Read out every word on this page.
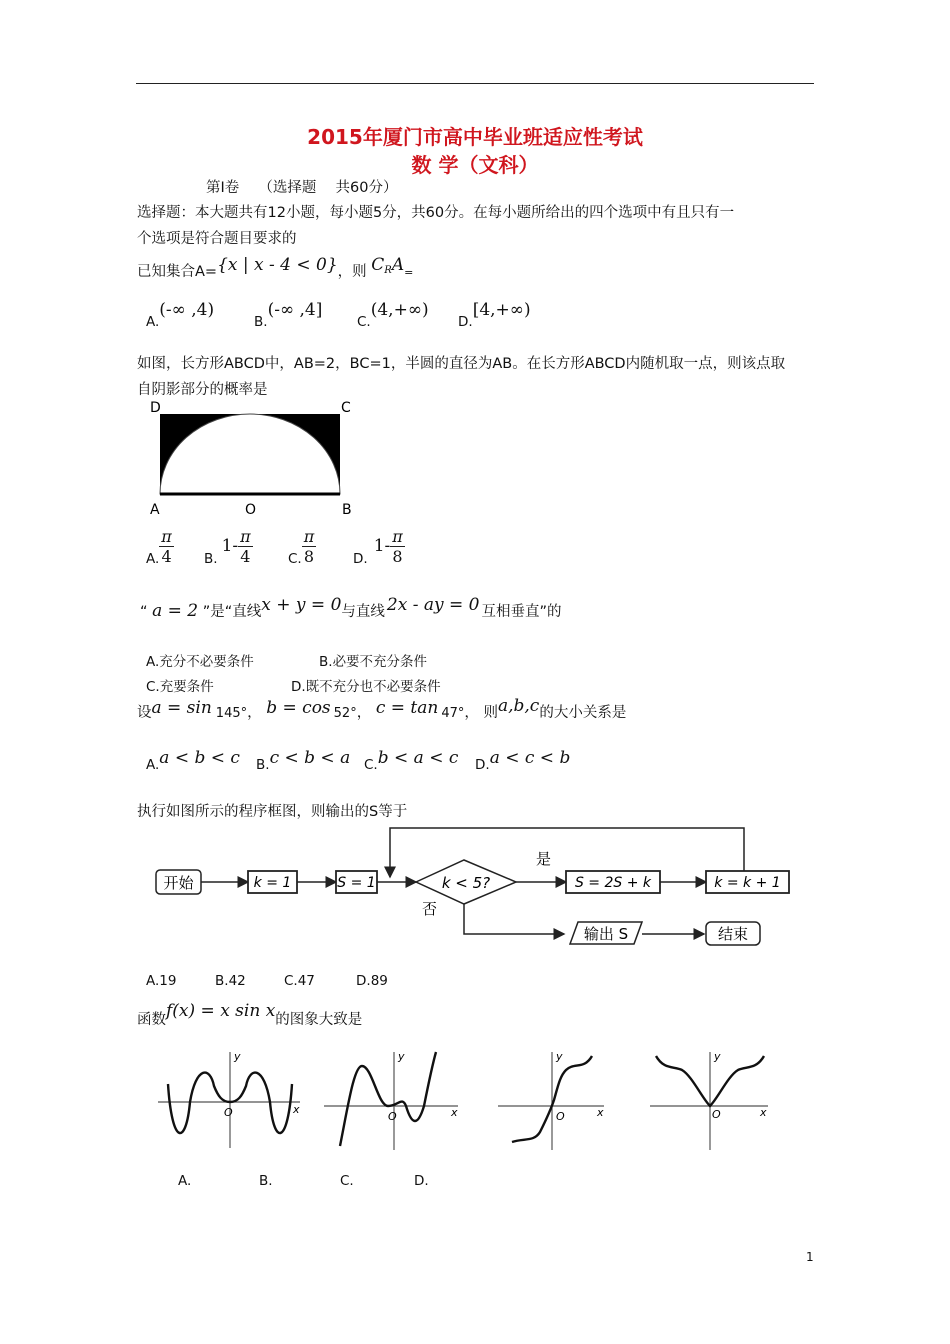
2015年厦门市高中毕业班适应性考试
数 学（文科）
第Ⅰ卷　 （选择题　 共60分）
选择题：本大题共有12小题，每小题5分，共60分。在每小题所给出的四个选项中有且只有一
个选项是符合题目要求的
已知集合A={x | x - 4 < 0}，则 $C^RA=$
A.(-∞ ,4)
B.(-∞ ,4]
C.(4,+∞)
D.[4,+∞)
如图，长方形ABCD中，AB=2，BC=1，半圆的直径为AB。在长方形ABCD内随机取一点，则该点取
自阴影部分的概率是
D	C
A	O	B
A. $\frac{\pi}{4} B.1- \frac{\pi}{4}$	C. $\frac{\pi}{8}$	$D.1- \frac{\pi}{8}$
“ a = 2 ”是“直线x + y = 0与直线 2x - ay = 0 互相垂直”的
A.充分不必要条件	B.必要不充分条件
C.充要条件	D.既不充分也不必要条件
设a = sin 145°， b = cos 52°， c = tan 47°， 则a,b,c的大小关系是
A.a < b < c B.c < b < a C.b < a < c D.a < c < b
执行如图所示的程序框图，则输出的S等于
开始	k = 1	S = 1	k < 5?
是
S = 2S + k	k = k + 1
否
输出 S	结束
A.19	B.42	C.47	D.89
函数f(x) = x sin x的图象大致是
y
x
O
A.
y
x
O
B.
y
x
O
C.
y
x
O
D.
1
